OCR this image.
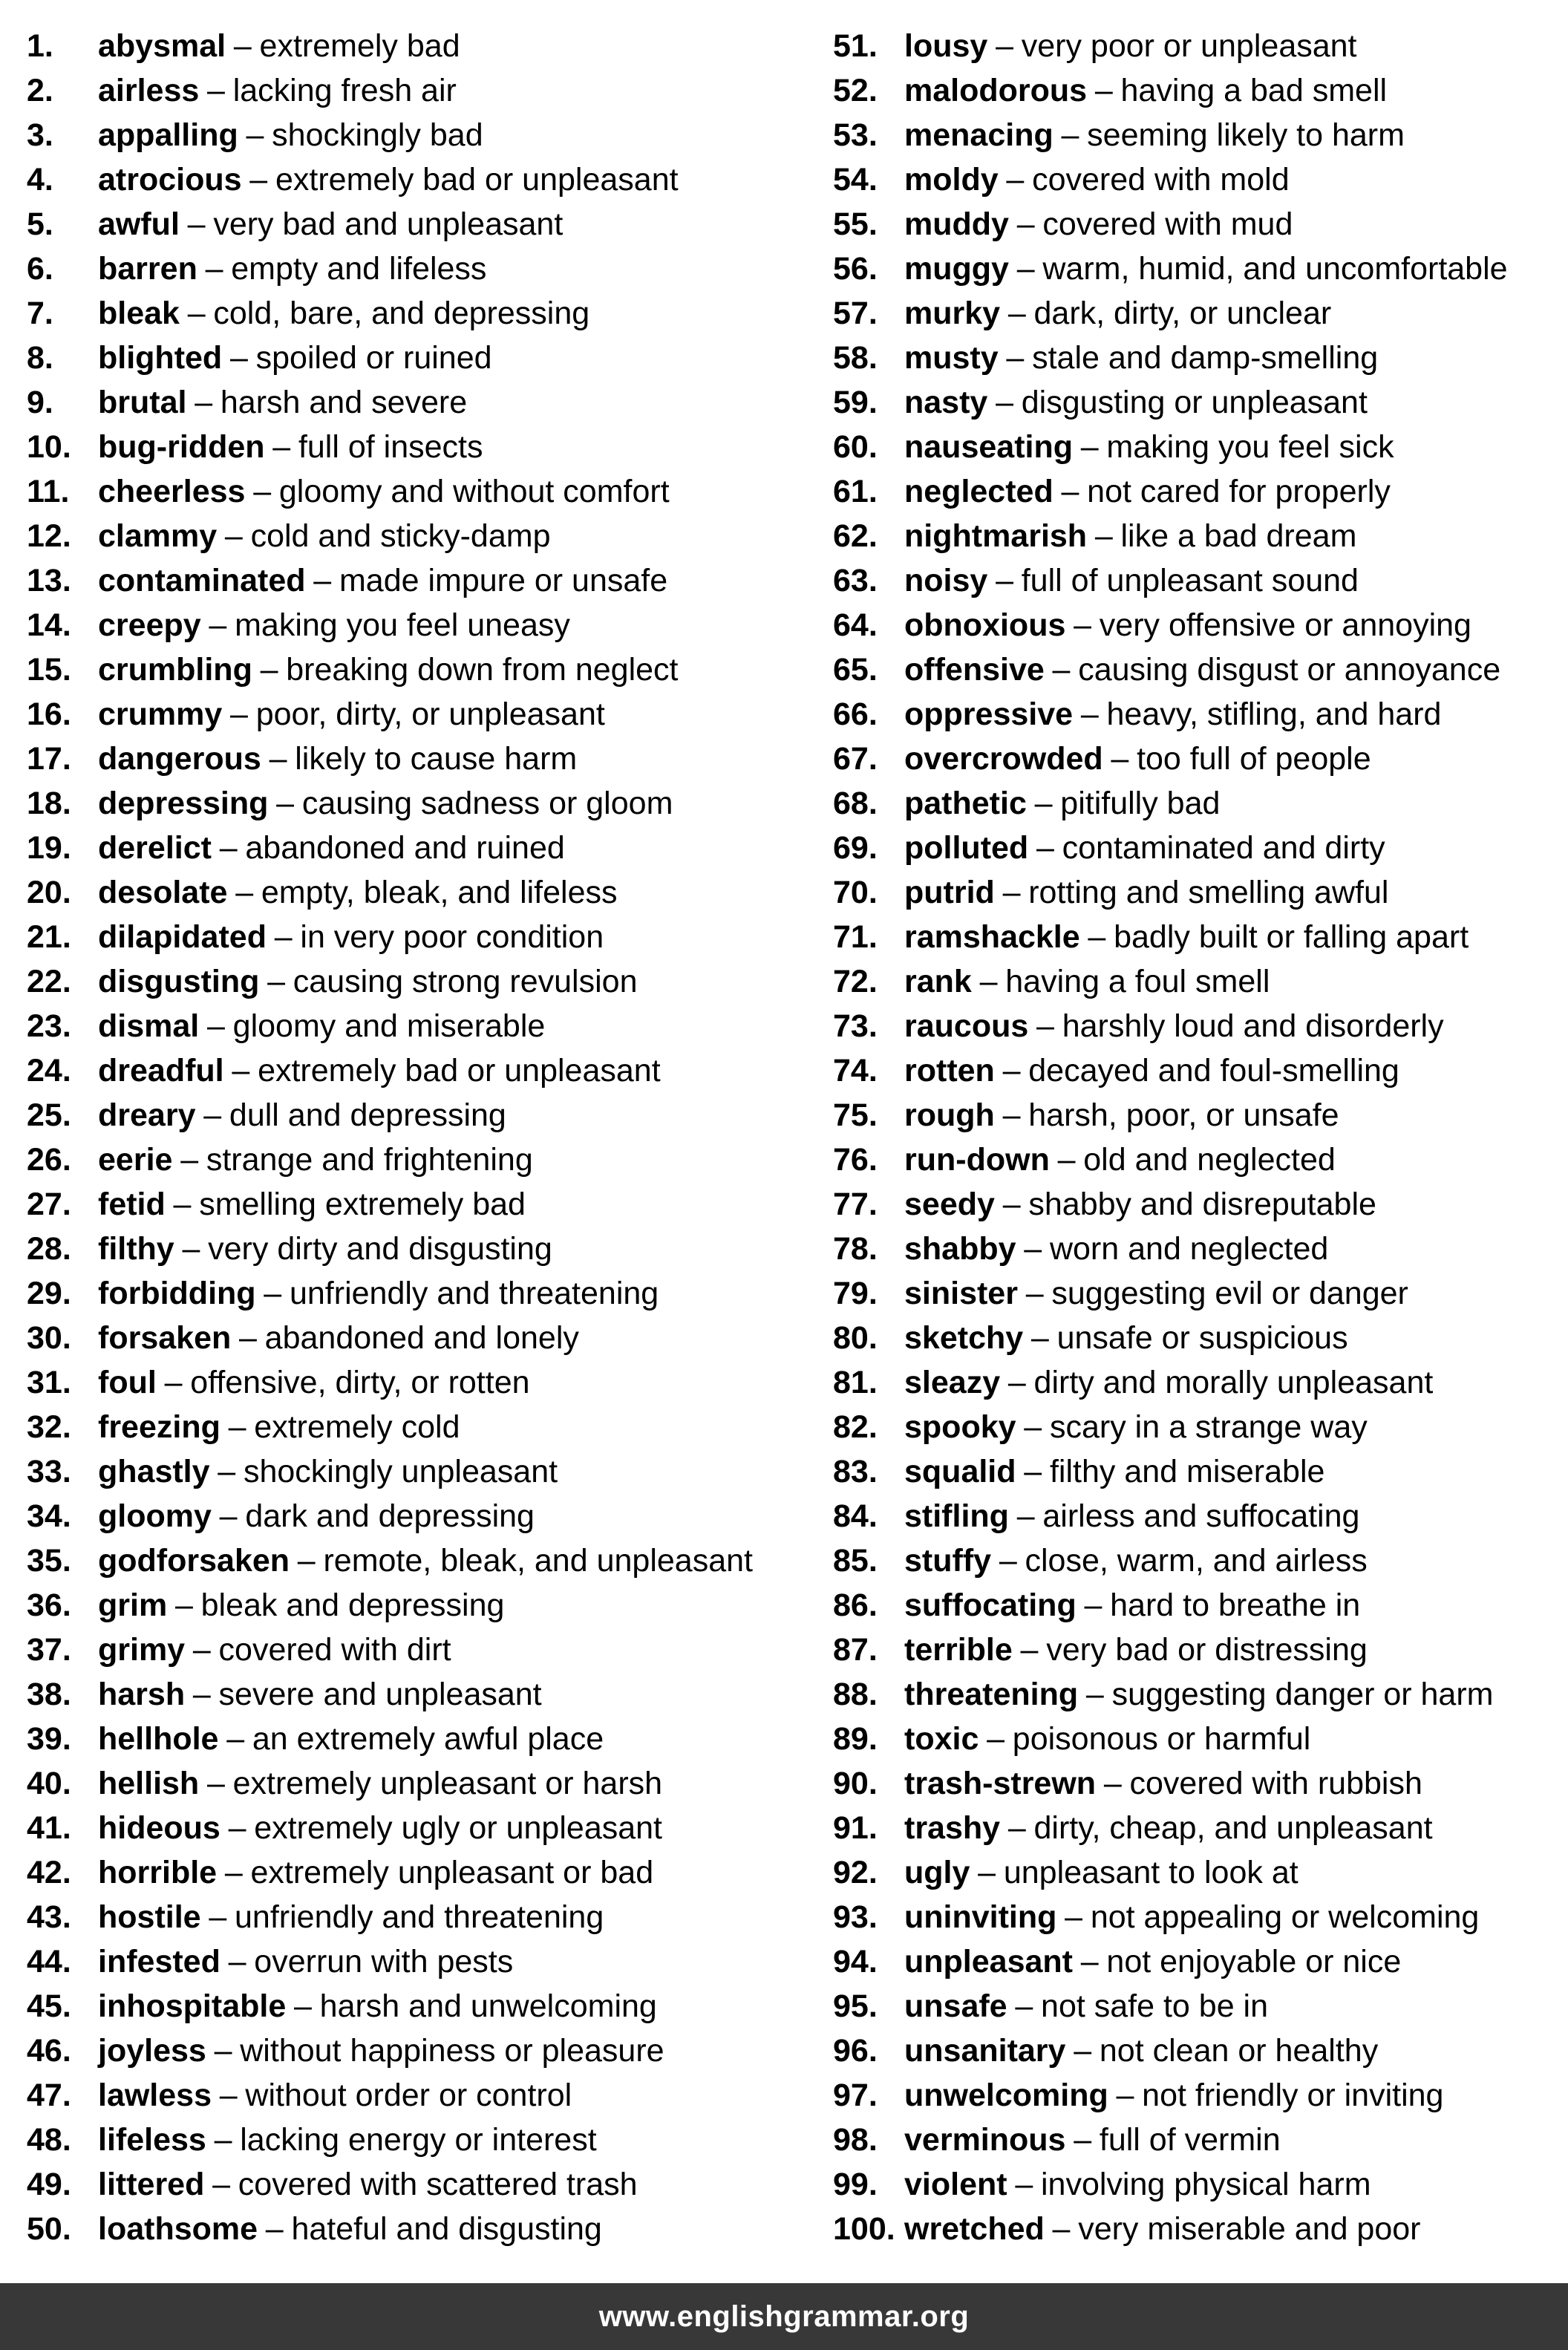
1.	abysmal – extremely bad
2.	airless – lacking fresh air
3.	appalling – shockingly bad
4.	atrocious – extremely bad or unpleasant
5.	awful – very bad and unpleasant
6.	barren – empty and lifeless
7.	bleak – cold, bare, and depressing
8.	blighted – spoiled or ruined
9.	brutal – harsh and severe
10. bug-ridden – full of insects
11. cheerless – gloomy and without comfort
12. clammy – cold and sticky-damp
13. contaminated – made impure or unsafe
14. creepy – making you feel uneasy
15. crumbling – breaking down from neglect
16. crummy – poor, dirty, or unpleasant
17. dangerous – likely to cause harm
18. depressing – causing sadness or gloom
19. derelict – abandoned and ruined
20. desolate – empty, bleak, and lifeless
21. dilapidated – in very poor condition
22. disgusting – causing strong revulsion
23. dismal – gloomy and miserable
24. dreadful – extremely bad or unpleasant
25. dreary – dull and depressing
26. eerie – strange and frightening
27. fetid – smelling extremely bad
28. filthy – very dirty and disgusting
29. forbidding – unfriendly and threatening
30. forsaken – abandoned and lonely
31. foul – offensive, dirty, or rotten
32. freezing – extremely cold
33. ghastly – shockingly unpleasant
34. gloomy – dark and depressing
35. godforsaken – remote, bleak, and unpleasant
36. grim – bleak and depressing
37. grimy – covered with dirt
38. harsh – severe and unpleasant
39. hellhole – an extremely awful place
40. hellish – extremely unpleasant or harsh
41. hideous – extremely ugly or unpleasant
42. horrible – extremely unpleasant or bad
43. hostile – unfriendly and threatening
44. infested – overrun with pests
45. inhospitable – harsh and unwelcoming
46. joyless – without happiness or pleasure
47. lawless – without order or control
48. lifeless – lacking energy or interest
49. littered – covered with scattered trash
50. loathsome – hateful and disgusting
51. lousy – very poor or unpleasant
52. malodorous – having a bad smell
53. menacing – seeming likely to harm
54. moldy – covered with mold
55. muddy – covered with mud
56. muggy – warm, humid, and uncomfortable
57. murky – dark, dirty, or unclear
58. musty – stale and damp-smelling
59. nasty – disgusting or unpleasant
60. nauseating – making you feel sick
61. neglected – not cared for properly
62. nightmarish – like a bad dream
63. noisy – full of unpleasant sound
64. obnoxious – very offensive or annoying
65. offensive – causing disgust or annoyance
66. oppressive – heavy, stifling, and hard
67. overcrowded – too full of people
68. pathetic – pitifully bad
69. polluted – contaminated and dirty
70. putrid – rotting and smelling awful
71. ramshackle – badly built or falling apart
72. rank – having a foul smell
73. raucous – harshly loud and disorderly
74. rotten – decayed and foul-smelling
75. rough – harsh, poor, or unsafe
76. run-down – old and neglected
77. seedy – shabby and disreputable
78. shabby – worn and neglected
79. sinister – suggesting evil or danger
80. sketchy – unsafe or suspicious
81. sleazy – dirty and morally unpleasant
82. spooky – scary in a strange way
83. squalid – filthy and miserable
84. stifling – airless and suffocating
85. stuffy – close, warm, and airless
86. suffocating – hard to breathe in
87. terrible – very bad or distressing
88. threatening – suggesting danger or harm
89. toxic – poisonous or harmful
90. trash-strewn – covered with rubbish
91. trashy – dirty, cheap, and unpleasant
92. ugly – unpleasant to look at
93. uninviting – not appealing or welcoming
94. unpleasant – not enjoyable or nice
95. unsafe – not safe to be in
96. unsanitary – not clean or healthy
97. unwelcoming – not friendly or inviting
98. verminous – full of vermin
99. violent – involving physical harm
100. wretched – very miserable and poor
www.englishgrammar.org
